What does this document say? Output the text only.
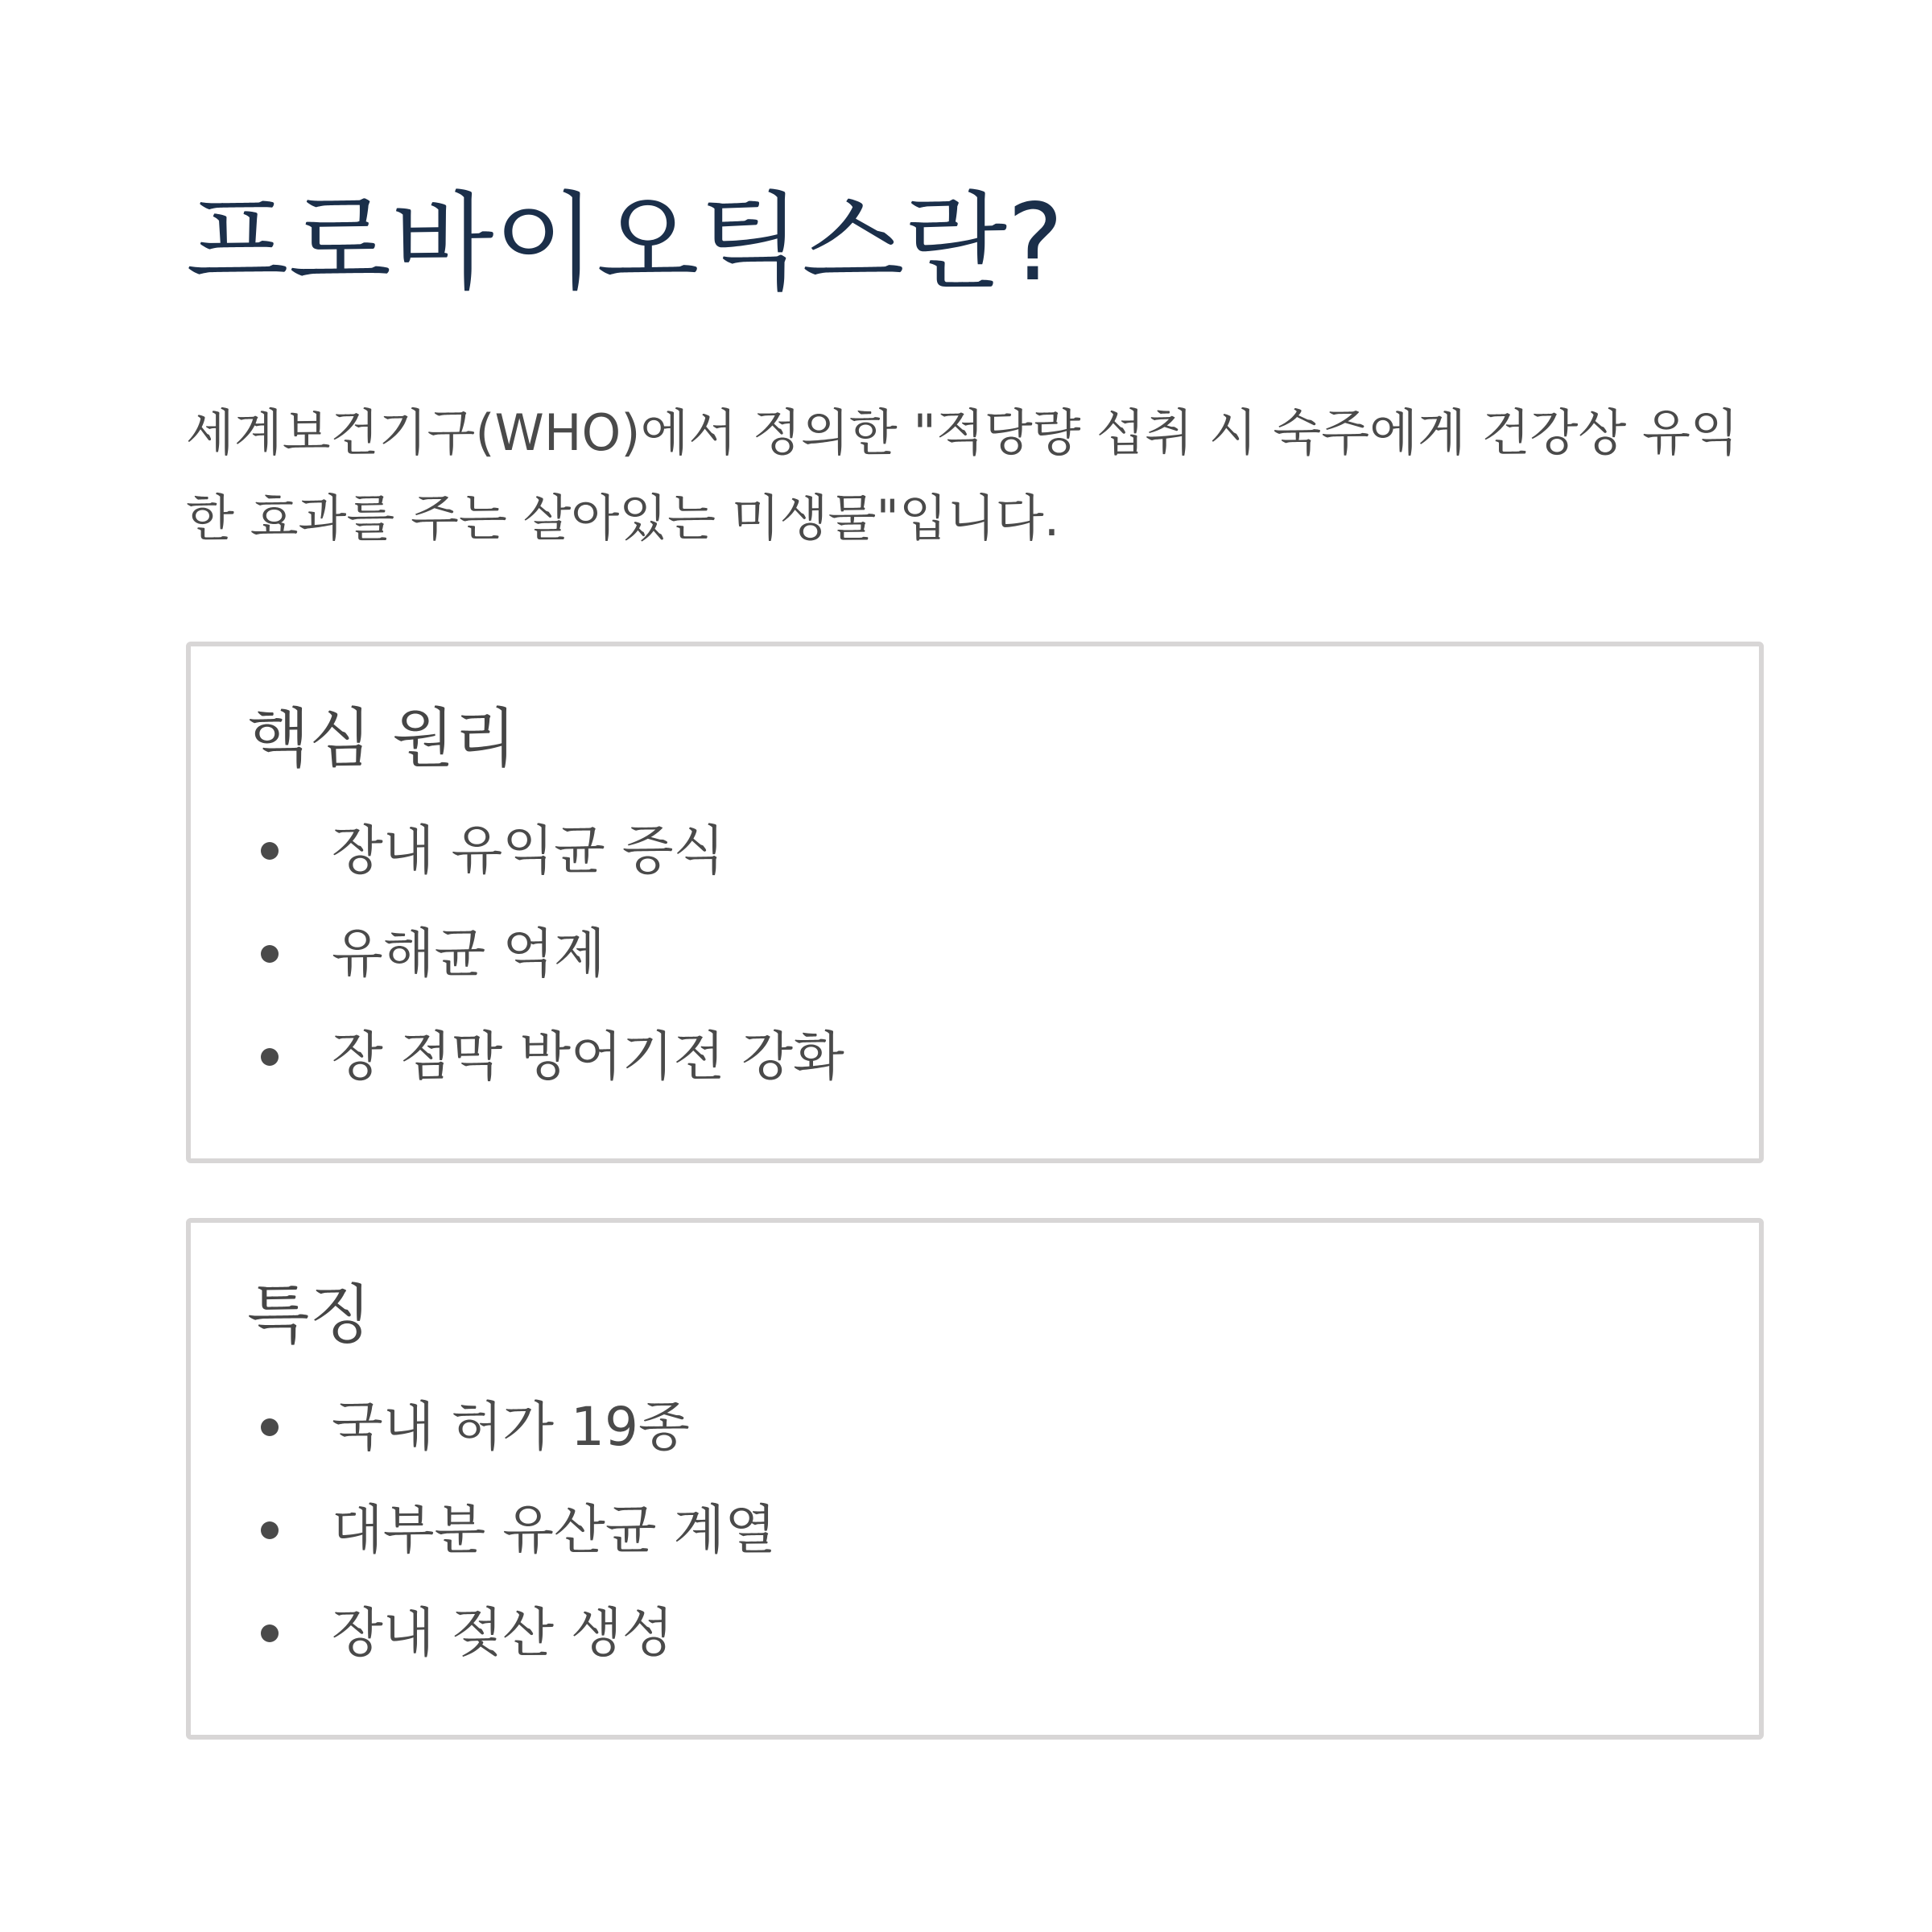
프로바이오틱스란?

세계보건기구(WHO)에서 정의한 "적당량 섭취 시 숙주에게 건강상 유익한 효과를 주는 살아있는 미생물"입니다.

핵심 원리
장내 유익균 증식
유해균 억제
장 점막 방어기전 강화
특징
국내 허가 19종
대부분 유산균 계열
장내 젖산 생성
